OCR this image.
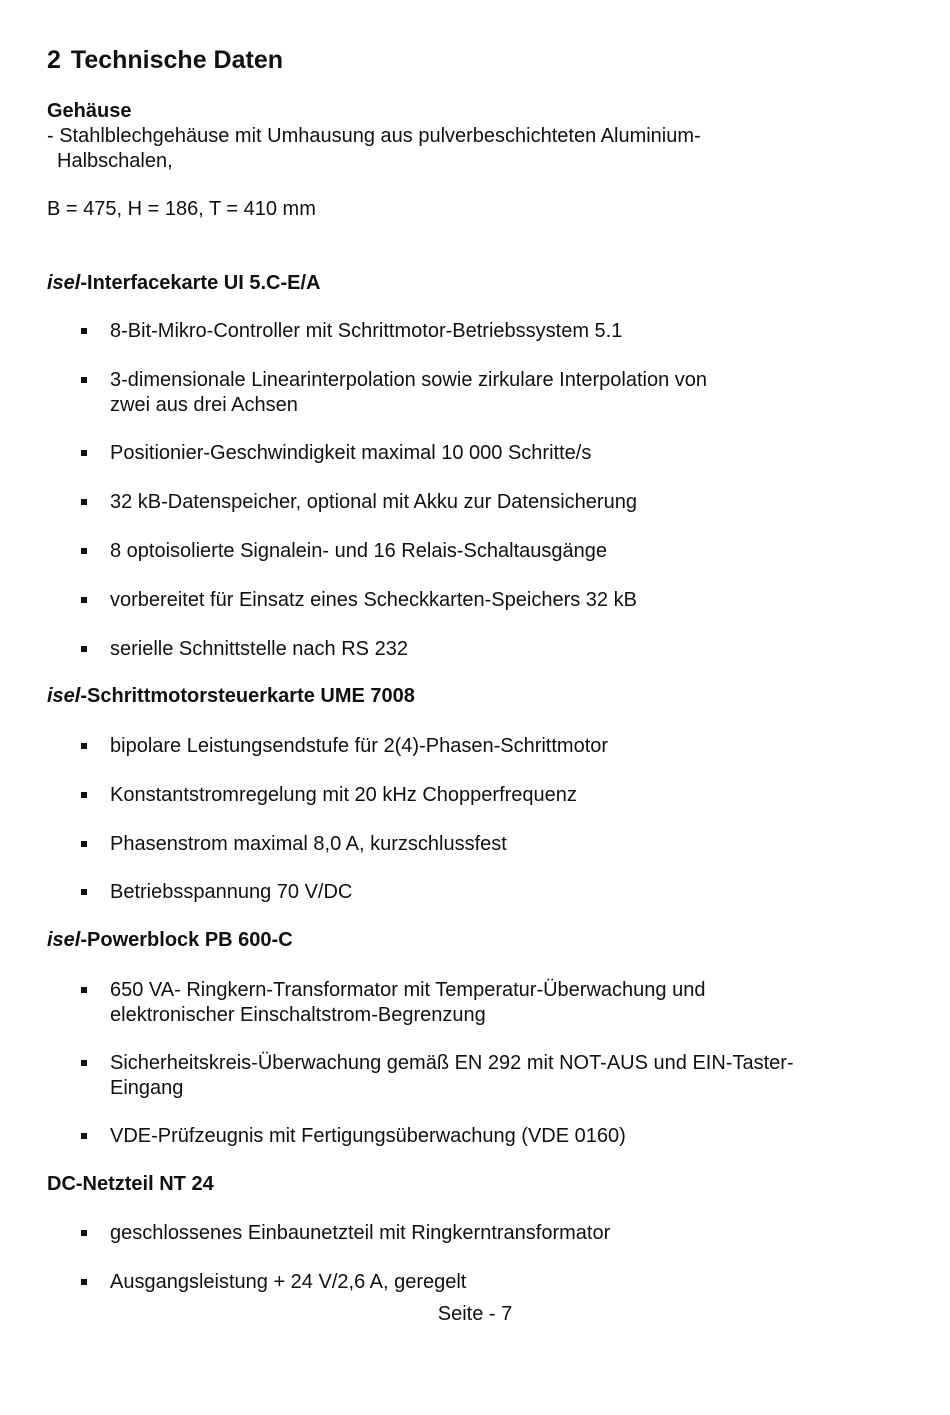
2 Technische Daten
Gehäuse
- Stahlblechgehäuse mit Umhausung aus pulverbeschichteten Aluminium-
Halbschalen,
B = 475, H = 186, T = 410 mm
isel-Interfacekarte UI 5.C-E/A
8-Bit-Mikro-Controller mit Schrittmotor-Betriebssystem 5.1
3-dimensionale Linearinterpolation sowie zirkulare Interpolation von
zwei aus drei Achsen
Positionier-Geschwindigkeit maximal 10 000 Schritte/s
32 kB-Datenspeicher, optional mit Akku zur Datensicherung
8 optoisolierte Signalein- und 16 Relais-Schaltausgänge
vorbereitet für Einsatz eines Scheckkarten-Speichers 32 kB
serielle Schnittstelle nach RS 232
isel-Schrittmotorsteuerkarte UME 7008
bipolare Leistungsendstufe für 2(4)-Phasen-Schrittmotor
Konstantstromregelung mit 20 kHz Chopperfrequenz
Phasenstrom maximal 8,0 A, kurzschlussfest
Betriebsspannung 70 V/DC
isel-Powerblock PB 600-C
650 VA- Ringkern-Transformator mit Temperatur-Überwachung und
elektronischer Einschaltstrom-Begrenzung
Sicherheitskreis-Überwachung gemäß EN 292 mit NOT-AUS und EIN-Taster-
Eingang
VDE-Prüfzeugnis mit Fertigungsüberwachung (VDE 0160)
DC-Netzteil NT 24
geschlossenes Einbaunetzteil mit Ringkerntransformator
Ausgangsleistung + 24 V/2,6 A, geregelt
Seite - 7
